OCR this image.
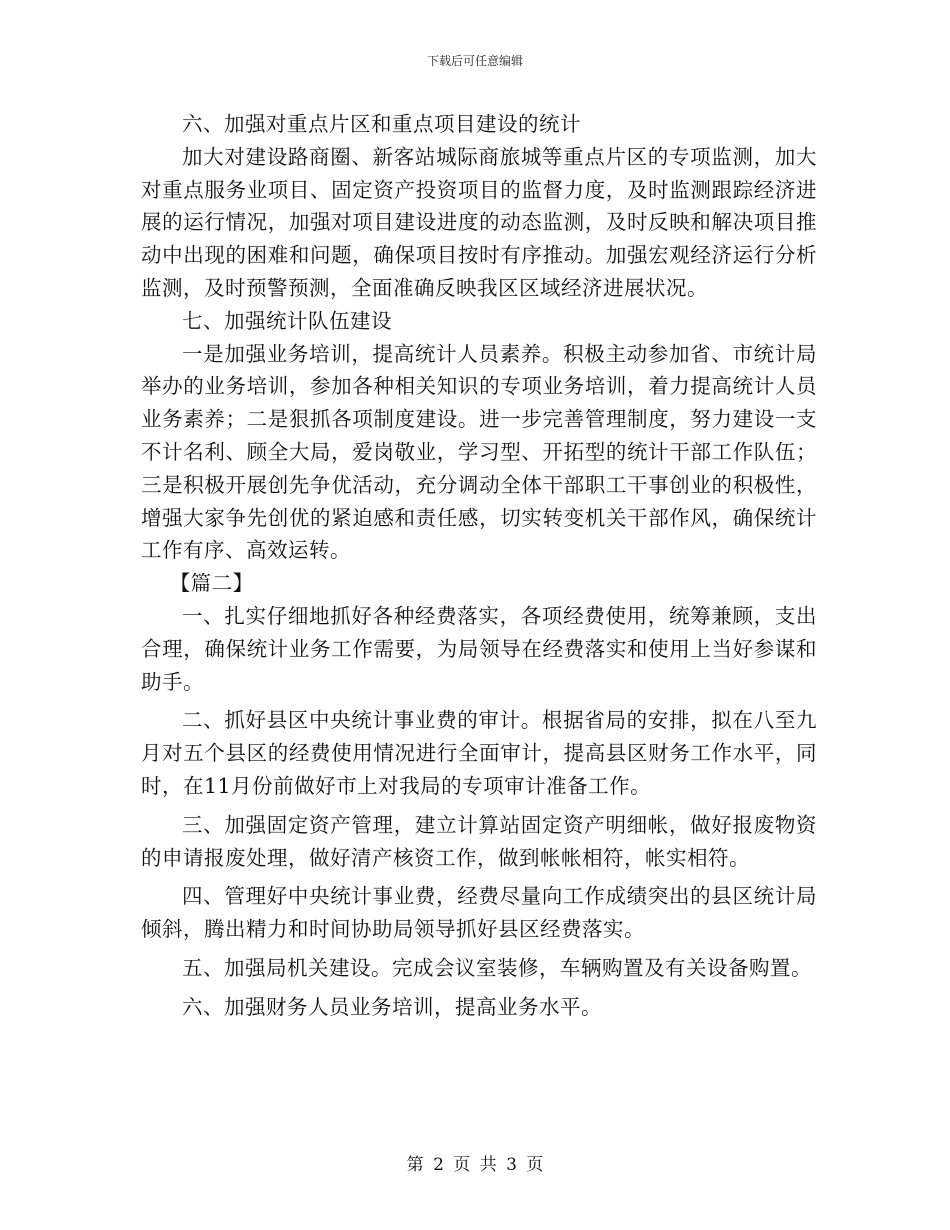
下载后可任意编辑

六、加强对重点片区和重点项目建设的统计

加大对建设路商圈、新客站城际商旅城等重点片区的专项监测，加大对重点服务业项目、固定资产投资项目的监督力度，及时监测跟踪经济进展的运行情况，加强对项目建设进度的动态监测，及时反映和解决项目推动中出现的困难和问题，确保项目按时有序推动。加强宏观经济运行分析监测，及时预警预测，全面准确反映我区区域经济进展状况。

七、加强统计队伍建设

一是加强业务培训，提高统计人员素养。积极主动参加省、市统计局举办的业务培训，参加各种相关知识的专项业务培训，着力提高统计人员业务素养；二是狠抓各项制度建设。进一步完善管理制度，努力建设一支不计名利、顾全大局，爱岗敬业，学习型、开拓型的统计干部工作队伍；三是积极开展创先争优活动，充分调动全体干部职工干事创业的积极性，增强大家争先创优的紧迫感和责任感，切实转变机关干部作风，确保统计工作有序、高效运转。

【篇二】

一、扎实仔细地抓好各种经费落实，各项经费使用，统筹兼顾，支出合理，确保统计业务工作需要，为局领导在经费落实和使用上当好参谋和助手。

二、抓好县区中央统计事业费的审计。根据省局的安排，拟在八至九月对五个县区的经费使用情况进行全面审计，提高县区财务工作水平，同时，在11月份前做好市上对我局的专项审计准备工作。

三、加强固定资产管理，建立计算站固定资产明细帐，做好报废物资的申请报废处理，做好清产核资工作，做到帐帐相符，帐实相符。

四、管理好中央统计事业费，经费尽量向工作成绩突出的县区统计局倾斜，腾出精力和时间协助局领导抓好县区经费落实。

五、加强局机关建设。完成会议室装修，车辆购置及有关设备购置。

六、加强财务人员业务培训，提高业务水平。

第 2 页 共 3 页
